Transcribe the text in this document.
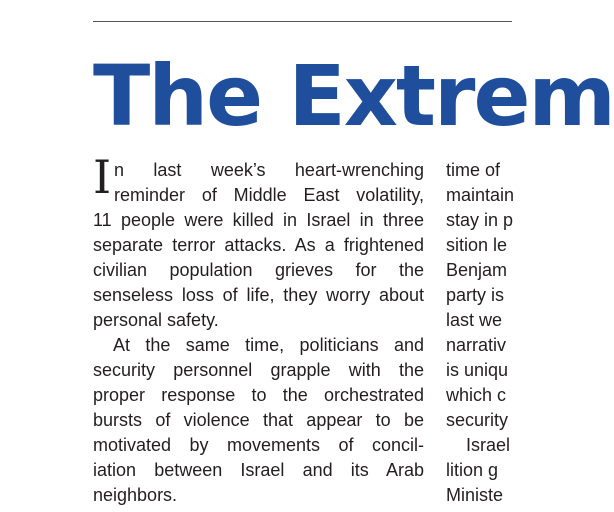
The Extrem
I n last week’s heart-wrenching
reminder of Middle East volatility,
11 people were killed in Israel in three
separate terror attacks. As a frightened
civilian population grieves for the
senseless loss of life, they worry about
personal safety.
At the same time, politicians and
security personnel grapple with the
proper response to the orchestrated
bursts of violence that appear to be
motivated by movements of concil-
iation between Israel and its Arab
neighbors.
time of
maintain
stay in p
sition le
Benjam
party is
last we
narrativ
is uniqu
which c
security
Israel
lition g
Ministe
